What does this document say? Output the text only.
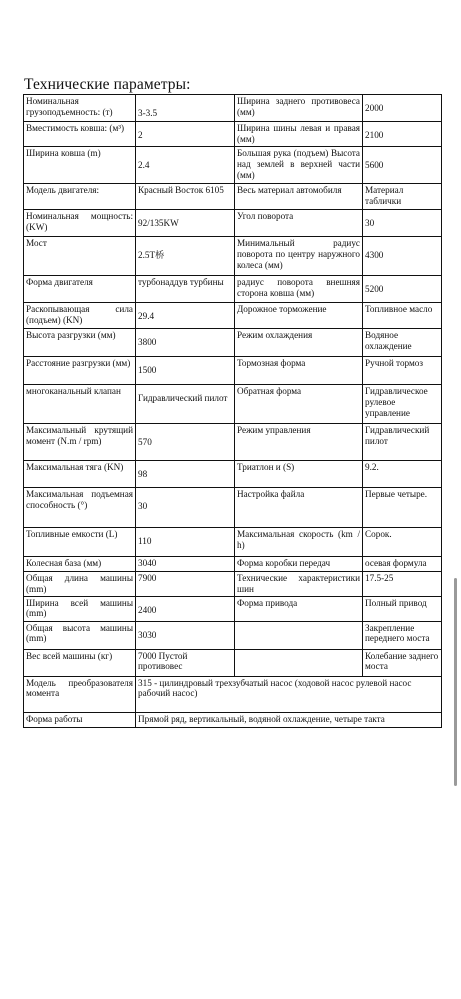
Технические параметры:
Номинальная грузоподъемность: (т)	3-3.5	Ширина заднего противовеса (мм)	2000
Вместимость ковша: (м³)	2	Ширина шины левая и правая (мм)	2100
Ширина ковша (m)	2.4	Большая рука (подъем) Высота над землей в верхней части (мм)	5600
Модель двигателя:	Красный Восток 6105	Весь материал автомобиля	Материал таблички
Номинальная мощность: (KW)	92/135KW	Угол поворота	30
Мост	2.5T桥	Минимальный радиус поворота по центру наружного колеса (мм)	4300
Форма двигателя	турбонаддув турбины	радиус поворота внешняя сторона ковша (мм)	5200
Раскопывающая сила (подъем) (KN)	29.4	Дорожное торможение	Топливное масло
Высота разгрузки (мм)	3800	Режим охлаждения	Водяное охлаждение
Расстояние разгрузки (мм)	1500	Тормозная форма	Ручной тормоз
многоканальный клапан	Гидравлический пилот	Обратная форма	Гидравлическое рулевое управление
Максимальный крутящий момент (N.m / rpm)	570	Режим управления	Гидравлический пилот
Максимальная тяга (KN)	98	Триатлон и (S)	9.2.
Максимальная подъемная способность (°)	30	Настройка файла	Первые четыре.
Топливные емкости (L)	110	Максимальная скорость (km / h)	Сорок.
Колесная база (мм)	3040	Форма коробки передач	осевая формула
Общая длина машины (mm)	7900	Технические характеристики шин	17.5-25
Ширина всей машины (mm)	2400	Форма привода	Полный привод
Общая высота машины (mm)	3030		Закрепление переднего моста
Вес всей машины (кг)	7000 Пустой противовес		Колебание заднего моста
Модель преобразователя момента	315 - цилиндровый трехзубчатый насос (ходовой насос рулевой насос рабочий насос)		
Форма работы	Прямой ряд, вертикальный, водяной охлаждение, четыре такта		
